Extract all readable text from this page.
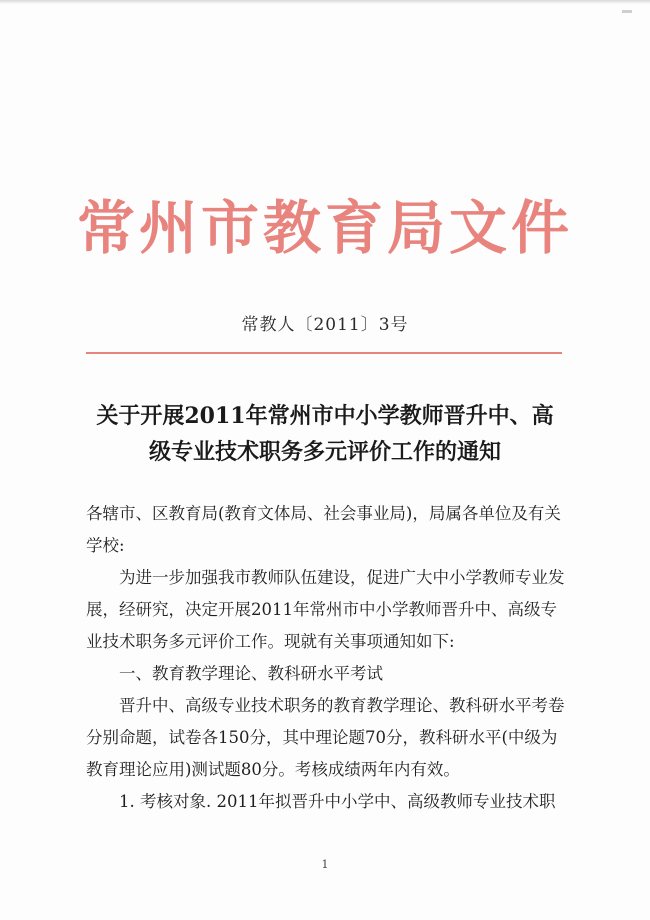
常州市教育局文件
常教人〔2011〕3号
关于开展2011年常州市中小学教师晋升中、高
级专业技术职务多元评价工作的通知

各辖市、区教育局(教育文体局、社会事业局)，局属各单位及有关学校:

为进一步加强我市教师队伍建设，促进广大中小学教师专业发展，经研究，决定开展2011年常州市中小学教师晋升中、高级专业技术职务多元评价工作。现就有关事项通知如下:

一、教育教学理论、教科研水平考试

晋升中、高级专业技术职务的教育教学理论、教科研水平考卷分别命题，试卷各150分，其中理论题70分，教科研水平(中级为教育理论应用)测试题80分。考核成绩两年内有效。

1. 考核对象. 2011年拟晋升中小学中、高级教师专业技术职

1
